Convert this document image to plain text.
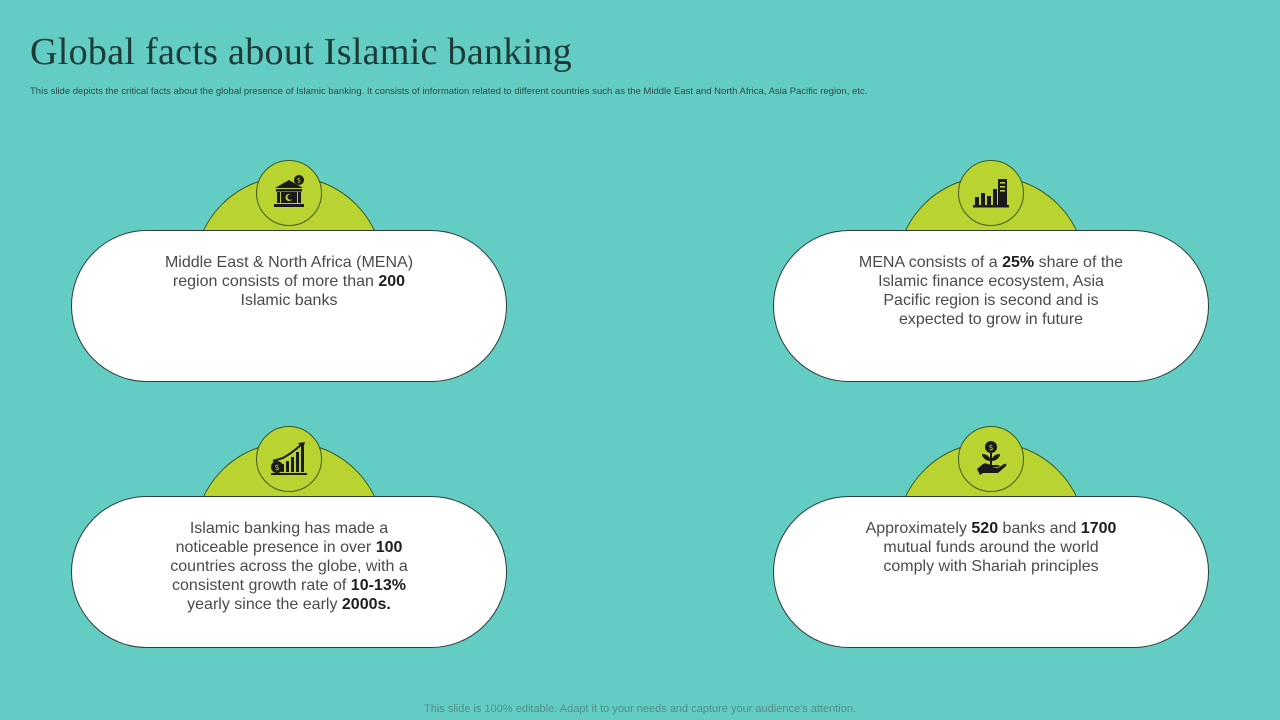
Global facts about Islamic banking

This slide depicts the critical facts about the global presence of Islamic banking. It consists of information related to different countries such as the Middle East and North Africa, Asia Pacific region, etc.

$
Middle East & North Africa (MENA) region consists of more than 200 Islamic banks
MENA consists of a 25% share of the Islamic finance ecosystem, Asia Pacific region is second and is expected to grow in future
$
Islamic banking has made a noticeable presence in over 100 countries across the globe, with a consistent growth rate of 10-13% yearly since the early 2000s.
$
Approximately 520 banks and 1700 mutual funds around the world comply with Shariah principles

This slide is 100% editable. Adapt it to your needs and capture your audience's attention.
